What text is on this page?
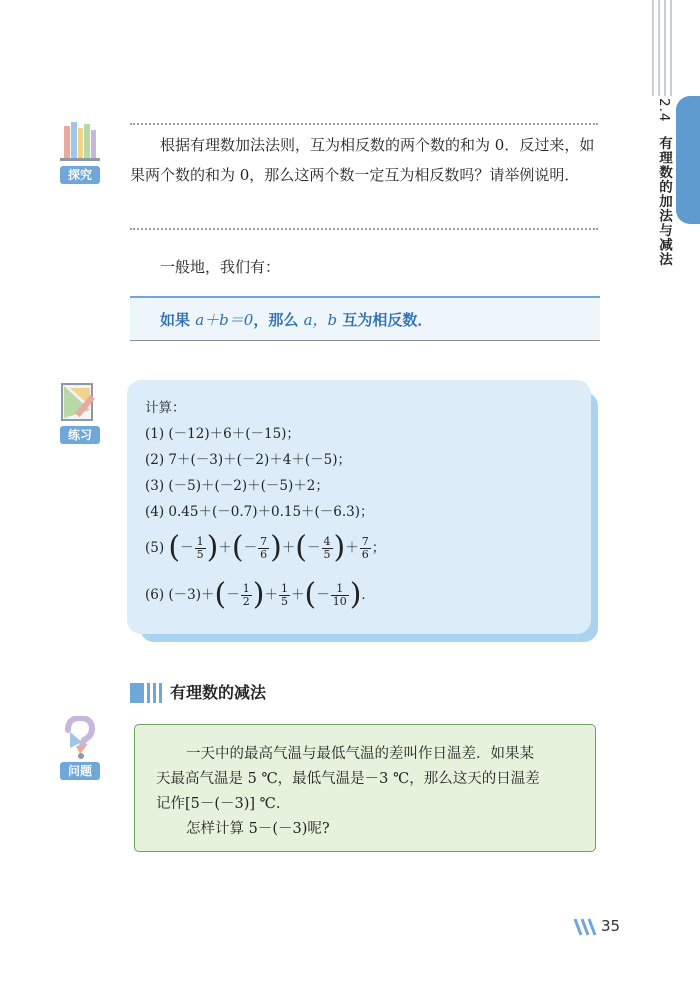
2.4 有理数的加法与减法
探究

根据有理数加法法则，互为相反数的两个数的和为 0．反过来，如果两个数的和为 0，那么这两个数一定互为相反数吗？请举例说明．

一般地，我们有：

如果 a＋b＝0，那么 a，b 互为相反数．

练习
计算：
(1) (－12)＋6＋(－15)；
(2) 7＋(－3)＋(－2)＋4＋(－5)；
(3) (－5)＋(－2)＋(－5)＋2；
(4) 0.45＋(－0.7)＋0.15＋(－6.3)；
(5) (－ $\frac{1}{5}$ )＋(－ $\frac{7}{6}$ )＋(－ $\frac{4}{5}$ )＋ $\frac{7}{6}$ ；
(6) $(-3)+(- \frac{1}{2}$ )＋ $\frac{1}{5}$ ＋(－ $\frac{1}{10}$ )．
有理数的减法
问题
一天中的最高气温与最低气温的差叫作日温差．如果某
天最高气温是 5 ℃，最低气温是－3 ℃，那么这天的日温差
记作[5－(－3)] ℃.
怎样计算 5－(－3)呢?
35
